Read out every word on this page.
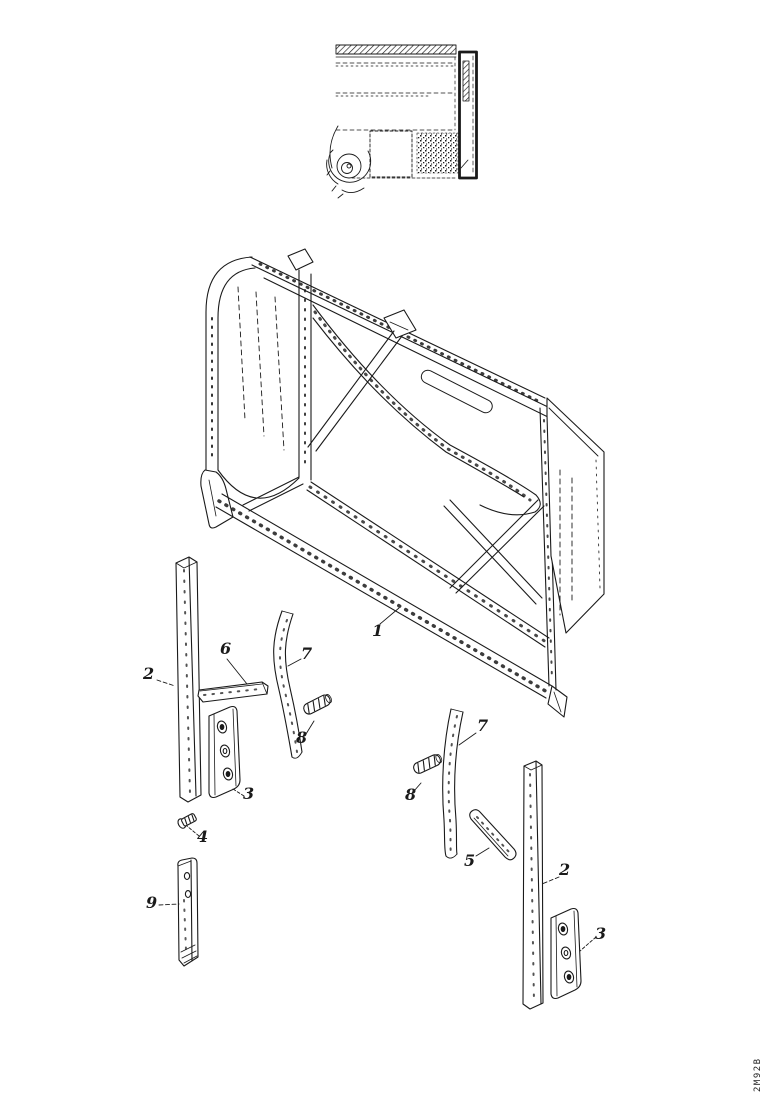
1
2
6	7
8
3
4
9
7
8
5	2
3
2M92B
